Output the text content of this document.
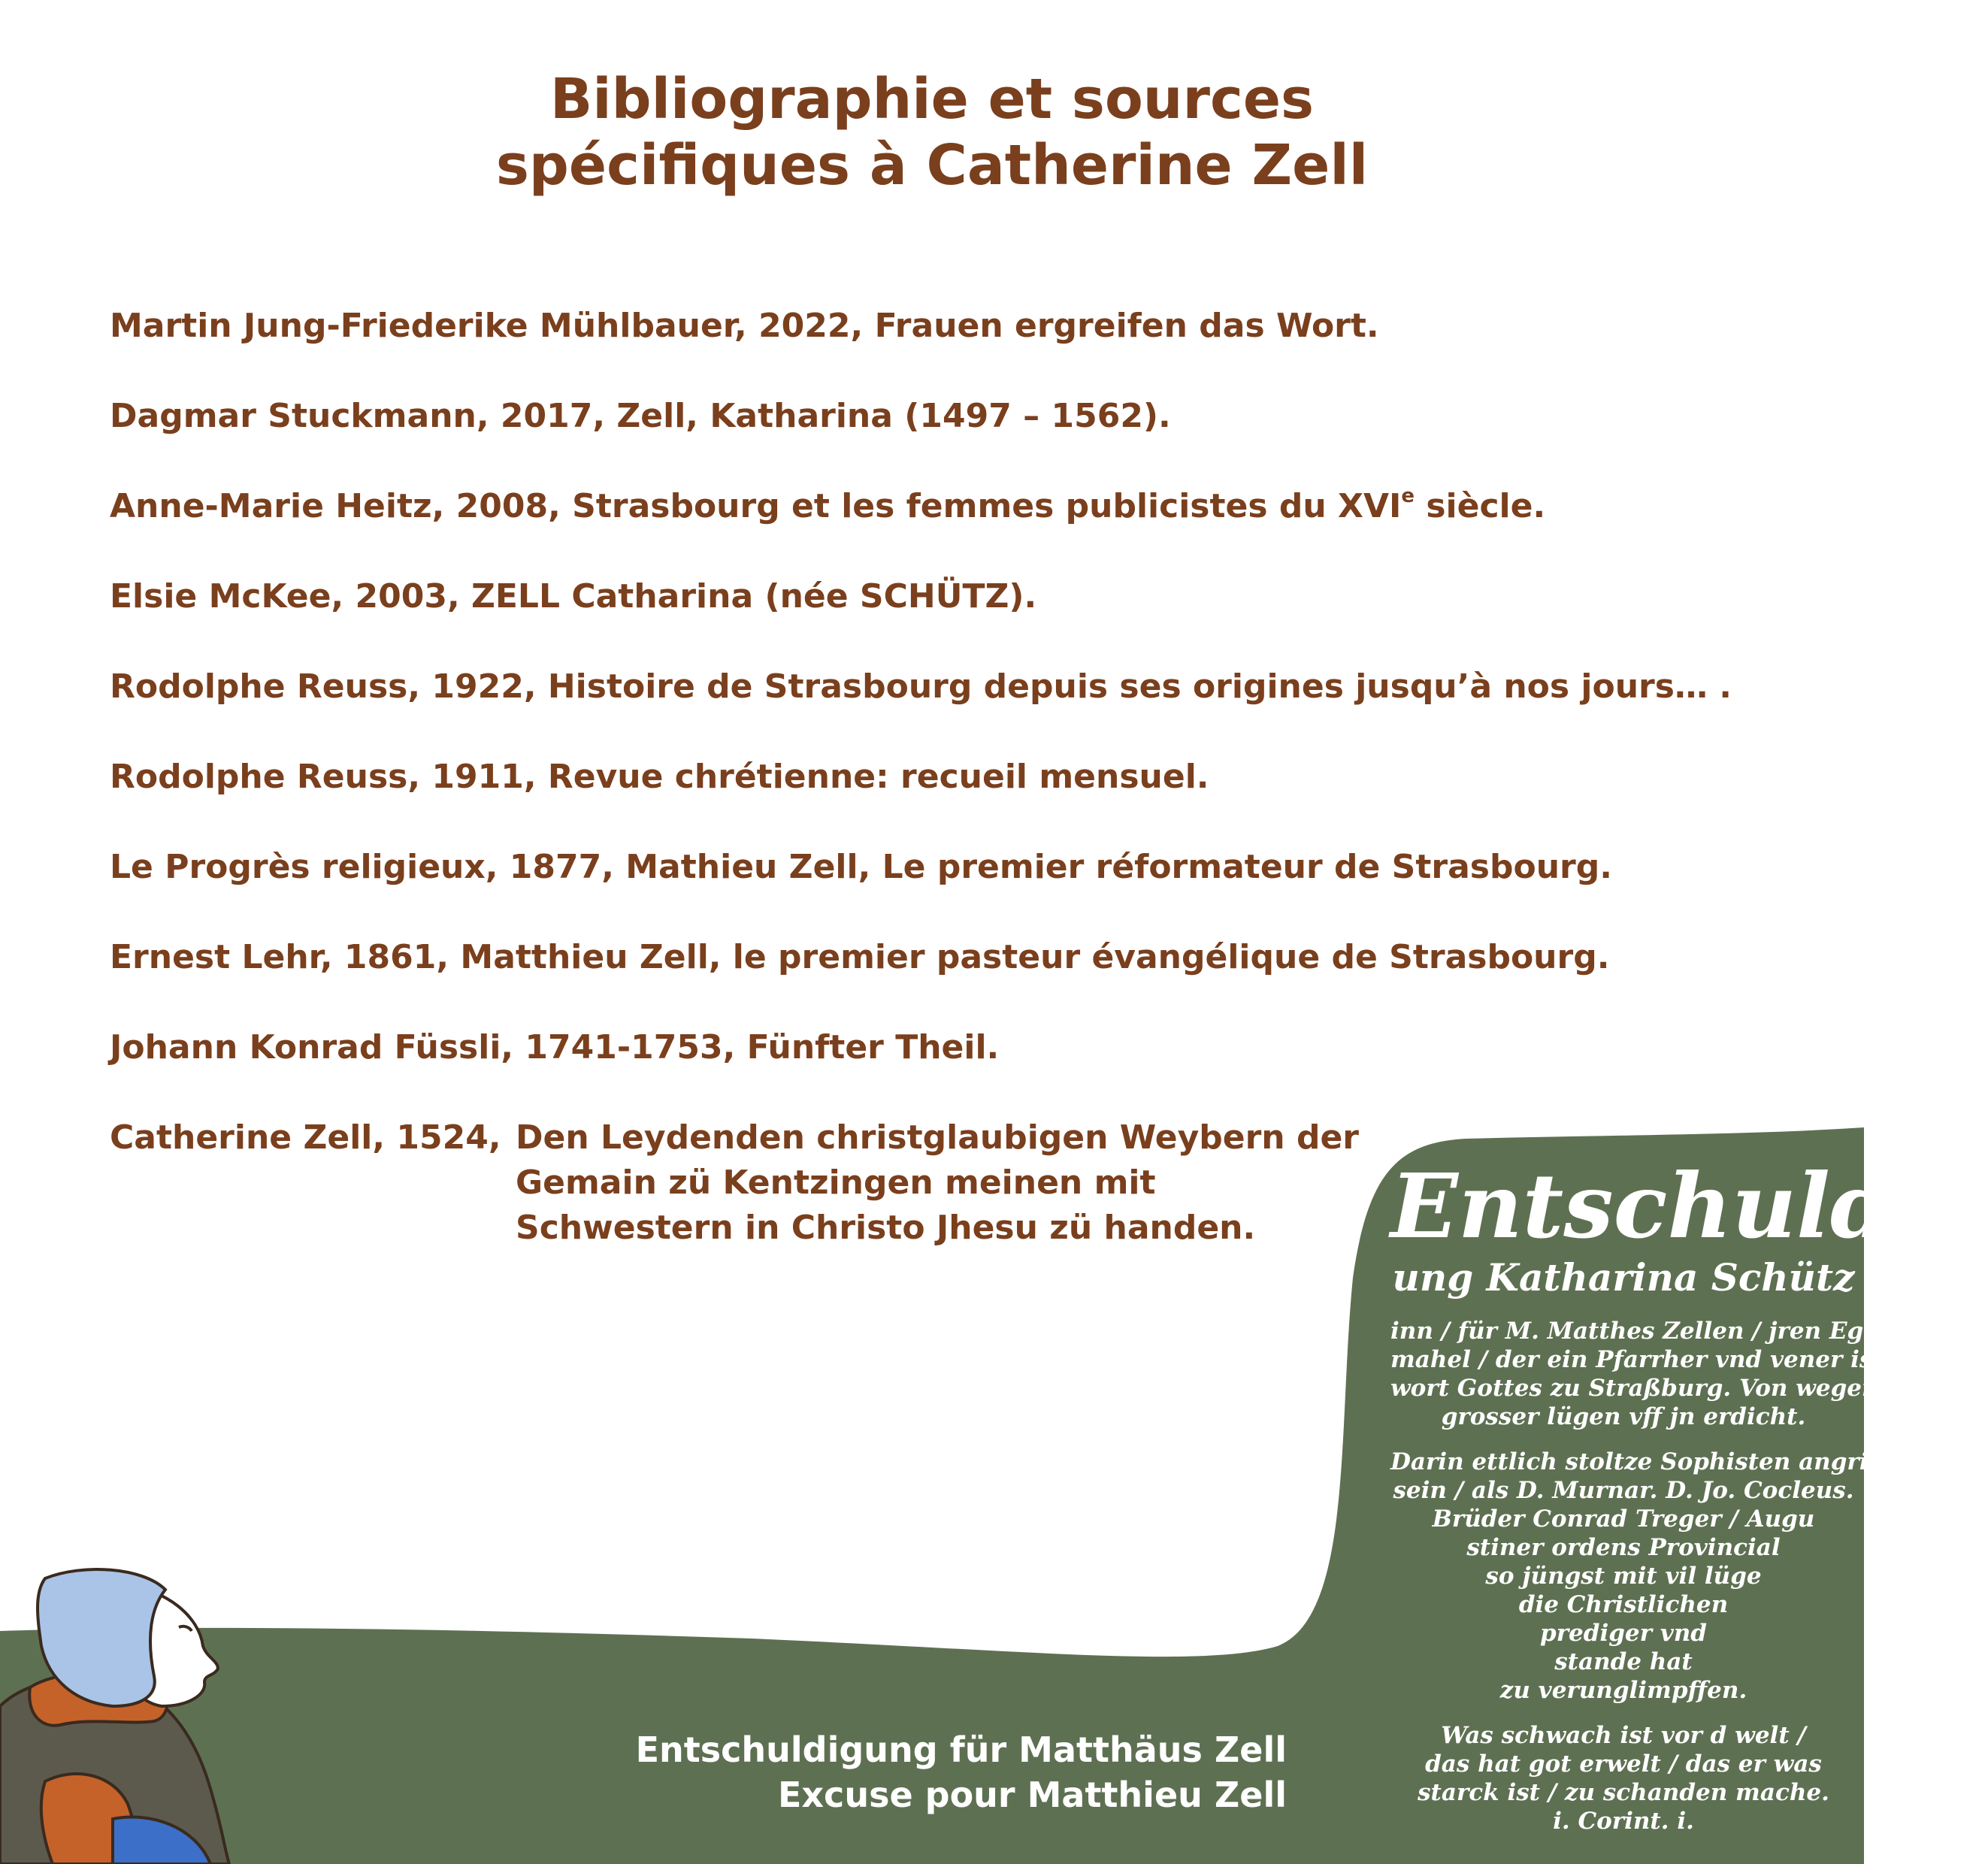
Bibliographie et sources
spécifiques à Catherine Zell
Martin Jung-Friederike Mühlbauer, 2022, Frauen ergreifen das Wort.
Dagmar Stuckmann, 2017, Zell, Katharina (1497 – 1562).
Anne-Marie Heitz, 2008, Strasbourg et les femmes publicistes du XVIe siècle.
Elsie McKee, 2003, ZELL Catharina (née SCHÜTZ).
Rodolphe Reuss, 1922, Histoire de Strasbourg depuis ses origines jusqu’à nos jours… .
Rodolphe Reuss, 1911, Revue chrétienne: recueil mensuel.
Le Progrès religieux, 1877, Mathieu Zell, Le premier réformateur de Strasbourg.
Ernest Lehr, 1861, Matthieu Zell, le premier pasteur évangélique de Strasbourg.
Johann Konrad Füssli, 1741-1753, Fünfter Theil.
Catherine Zell, 1524, Den Leydenden christglaubigen Weybern der
Gemain zü Kentzingen meinen mit
Schwestern in Christo Jhesu zü handen.	Entschuldig
ung Katharina Schütz
inn / für M. Matthes Zellen / jren Ege-
mahel / der ein Pfarrher vnd vener ist im
wort Gottes zu Straßburg. Von wegen
grosser lügen vff jn erdicht.
Darin ettlich stoltze Sophisten angriffen
sein / als D. Murnar. D. Jo. Cocleus.
Brüder Conrad Treger / Augu
stiner ordens Provincial
so jüngst mit vil lüge
die Christlichen
prediger vnd
stande hat
zu verunglimpffen.
Was schwach ist vor d welt /
das hat got erwelt / das er was
starck ist / zu schanden mache.
i. Corint. i.
Entschuldigung für Matthäus Zell
Excuse pour Matthieu Zell
